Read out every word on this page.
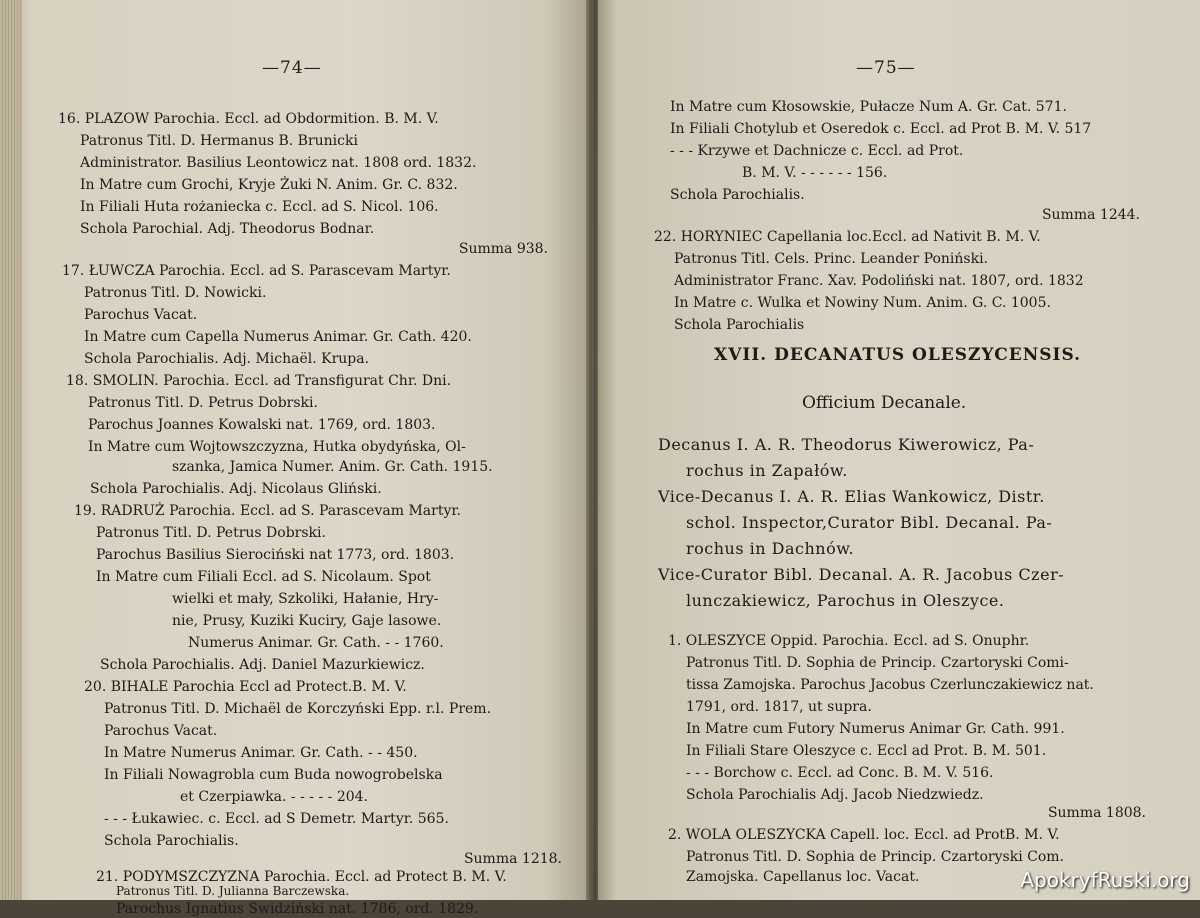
—74—
16. PLAZOW Parochia. Eccl. ad Obdormition. B. M. V.
Patronus Titl. D. Hermanus B. Brunicki
Administrator. Basilius Leontowicz nat. 1808 ord. 1832.
In Matre cum Grochi, Kryje Żuki N. Anim. Gr. C. 832.
In Filiali Huta rożaniecka c. Eccl. ad S. Nicol. 106.
Schola Parochial. Adj. Theodorus Bodnar.
Summa 938.
17. ŁUWCZA Parochia. Eccl. ad S. Parascevam Martyr.
Patronus Titl. D. Nowicki.
Parochus Vacat.
In Matre cum Capella Numerus Animar. Gr. Cath. 420.
Schola Parochialis. Adj. Michaël. Krupa.
18. SMOLIN. Parochia. Eccl. ad Transfigurat Chr. Dni.
Patronus Titl. D. Petrus Dobrski.
Parochus Joannes Kowalski nat. 1769, ord. 1803.
In Matre cum Wojtowszczyzna, Hutka obydyńska, Ol-
szanka, Jamica Numer. Anim. Gr. Cath. 1915.
Schola Parochialis. Adj. Nicolaus Gliński.
19. RADRUŻ Parochia. Eccl. ad S. Parascevam Martyr.
Patronus Titl. D. Petrus Dobrski.
Parochus Basilius Sierociński nat 1773, ord. 1803.
In Matre cum Filiali Eccl. ad S. Nicolaum. Spot
wielki et mały, Szkoliki, Hałanie, Hry-
nie, Prusy, Kuziki Kuciry, Gaje lasowe.
Numerus Animar. Gr. Cath. - - 1760.
Schola Parochialis. Adj. Daniel Mazurkiewicz.
20. BIHALE Parochia Eccl ad Protect.B. M. V.
Patronus Titl. D. Michaël de Korczyński Epp. r.l. Prem.
Parochus Vacat.
In Matre Numerus Animar. Gr. Cath. - - 450.
In Filiali Nowagrobla cum Buda nowogrobelska
et Czerpiawka. - - - - - 204.
- - - Łukawiec. c. Eccl. ad S Demetr. Martyr. 565.
Schola Parochialis.
Summa 1218.
21. PODYMSZCZYZNA Parochia. Eccl. ad Protect B. M. V.
Patronus Titl. D. Julianna Barczewska.
Parochus Ignatius Swidziński nat. 1786, ord. 1829.
—75—
In Matre cum Kłosowskie, Pułacze Num A. Gr. Cat. 571.
In Filiali Chotylub et Oseredok c. Eccl. ad Prot B. M. V. 517
- - - Krzywe et Dachnicze c. Eccl. ad Prot.
B. M. V. - - - - - - 156.
Schola Parochialis.
Summa 1244.
22. HORYNIEC Capellania loc.Eccl. ad Nativit B. M. V.
Patronus Titl. Cels. Princ. Leander Poniński.
Administrator Franc. Xav. Podoliński nat. 1807, ord. 1832
In Matre c. Wulka et Nowiny Num. Anim. G. C. 1005.
Schola Parochialis
XVII. DECANATUS OLESZYCENSIS.
Officium Decanale.
Decanus I. A. R. Theodorus Kiwerowicz, Pa-
rochus in Zapałów.
Vice-Decanus I. A. R. Elias Wankowicz, Distr.
schol. Inspector,Curator Bibl. Decanal. Pa-
rochus in Dachnów.
Vice-Curator Bibl. Decanal. A. R. Jacobus Czer-
lunczakiewicz, Parochus in Oleszyce.
1. OLESZYCE Oppid. Parochia. Eccl. ad S. Onuphr.
Patronus Titl. D. Sophia de Princip. Czartoryski Comi-
tissa Zamojska. Parochus Jacobus Czerlunczakiewicz nat.
1791, ord. 1817, ut supra.
In Matre cum Futory Numerus Animar Gr. Cath. 991.
In Filiali Stare Oleszyce c. Eccl ad Prot. B. M. 501.
- - - Borchow c. Eccl. ad Conc. B. M. V. 516.
Schola Parochialis Adj. Jacob Niedzwiedz.
Summa 1808.
2. WOLA OLESZYCKA Capell. loc. Eccl. ad ProtB. M. V.
Patronus Titl. D. Sophia de Princip. Czartoryski Com.
Zamojska. Capellanus loc. Vacat.	ApokryfRuski.org
